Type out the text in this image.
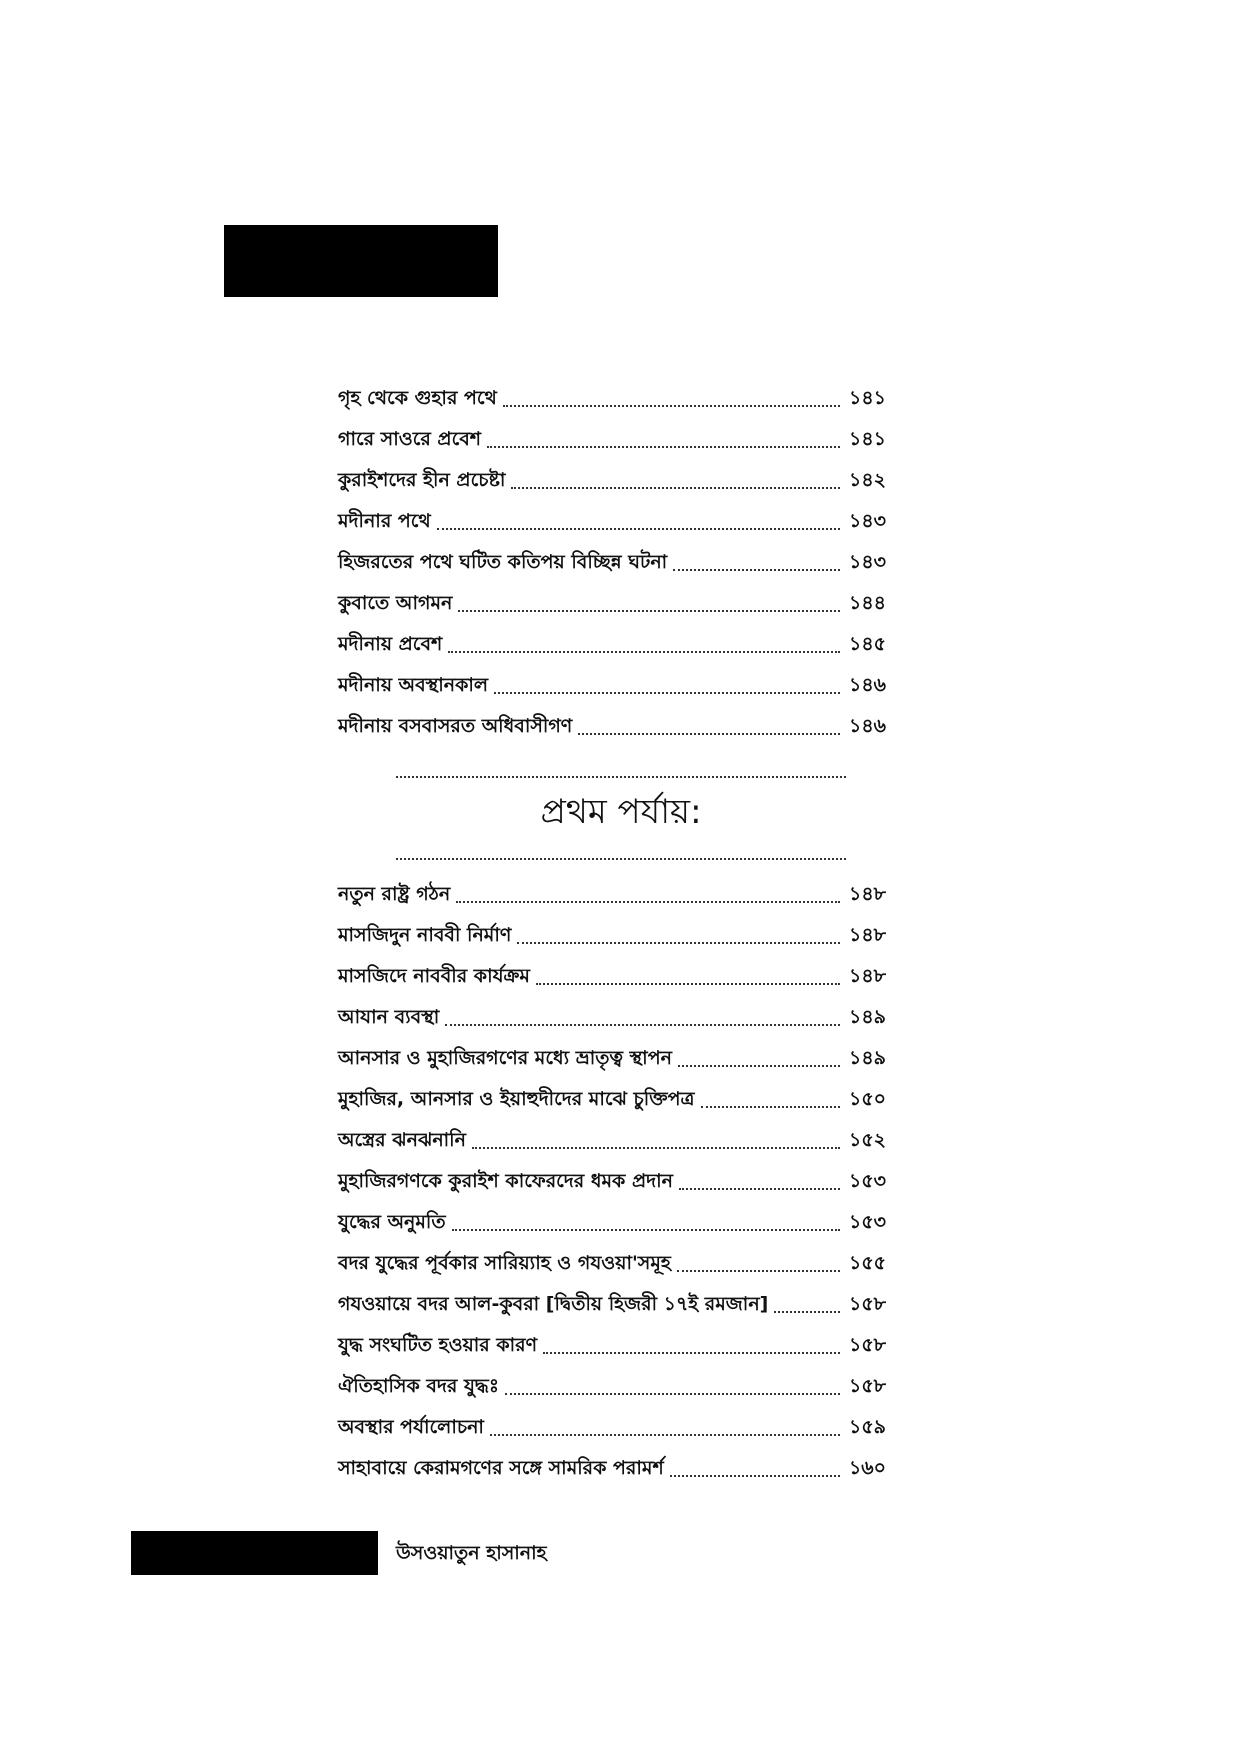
গৃহ থেকে গুহার পথে	১৪১
গারে সাওরে প্রবেশ	১৪১
কুরাইশদের হীন প্রচেষ্টা	১৪২
মদীনার পথে	১৪৩
হিজরতের পথে ঘটিত কতিপয় বিচ্ছিন্ন ঘটনা	১৪৩
কুবাতে আগমন	১৪৪
মদীনায় প্রবেশ	১৪৫
মদীনায় অবস্থানকাল	১৪৬
মদীনায় বসবাসরত অধিবাসীগণ	১৪৬
প্রথম পর্যায়:
নতুন রাষ্ট্র গঠন	১৪৮
মাসজিদুন নাববী নির্মাণ	১৪৮
মাসজিদে নাববীর কার্যক্রম	১৪৮
আযান ব্যবস্থা	১৪৯
আনসার ও মুহাজিরগণের মধ্যে ভ্রাতৃত্ব স্থাপন	১৪৯
মুহাজির, আনসার ও ইয়াহুদীদের মাঝে চুক্তিপত্র	১৫০
অস্ত্রের ঝনঝনানি	১৫২
মুহাজিরগণকে কুরাইশ কাফেরদের ধমক প্রদান	১৫৩
যুদ্ধের অনুমতি	১৫৩
বদর যুদ্ধের পূর্বকার সারিয়্যাহ ও গযওয়া'সমূহ	১৫৫
গযওয়ায়ে বদর আল-কুবরা [দ্বিতীয় হিজরী ১৭ই রমজান]	১৫৮
যুদ্ধ সংঘটিত হওয়ার কারণ	১৫৮
ঐতিহাসিক বদর যুদ্ধঃ	১৫৮
অবস্থার পর্যালোচনা	১৫৯
সাহাবায়ে কেরামগণের সঙ্গে সামরিক পরামর্শ	১৬০
উসওয়াতুন হাসানাহ
